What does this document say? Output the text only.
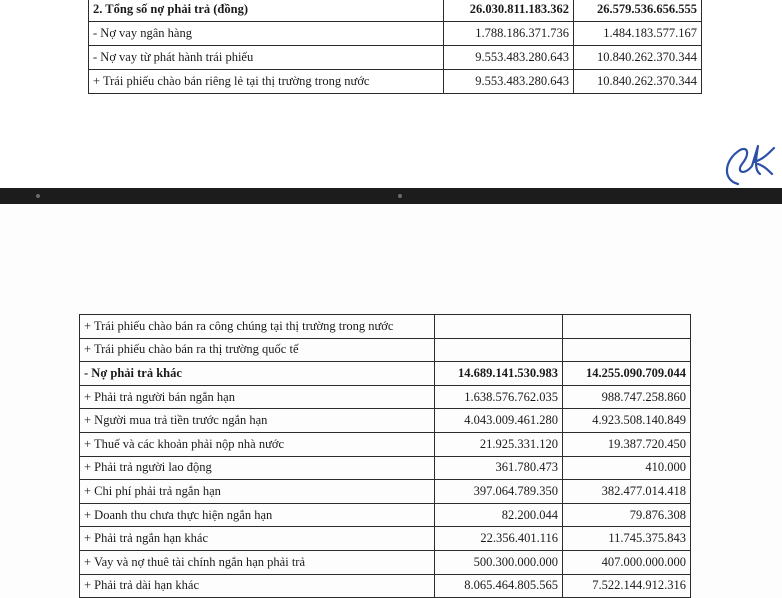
2. Tổng số nợ phải trả (đồng)	26.030.811.183.362	26.579.536.656.555
- Nợ vay ngân hàng	1.788.186.371.736	1.484.183.577.167
- Nợ vay từ phát hành trái phiếu	9.553.483.280.643	10.840.262.370.344
+ Trái phiếu chào bán riêng lẻ tại thị trường trong nước	9.553.483.280.643	10.840.262.370.344
+ Trái phiếu chào bán ra công chúng tại thị trường trong nước		
+ Trái phiếu chào bán ra thị trường quốc tế		
- Nợ phải trả khác	14.689.141.530.983	14.255.090.709.044
+ Phải trả người bán ngắn hạn	1.638.576.762.035	988.747.258.860
+ Người mua trả tiền trước ngắn hạn	4.043.009.461.280	4.923.508.140.849
+ Thuế và các khoản phải nộp nhà nước	21.925.331.120	19.387.720.450
+ Phải trả người lao động	361.780.473	410.000
+ Chi phí phải trả ngắn hạn	397.064.789.350	382.477.014.418
+ Doanh thu chưa thực hiện ngắn hạn	82.200.044	79.876.308
+ Phải trả ngắn hạn khác	22.356.401.116	11.745.375.843
+ Vay và nợ thuê tài chính ngắn hạn phải trả	500.300.000.000	407.000.000.000
+ Phải trả dài hạn khác	8.065.464.805.565	7.522.144.912.316
